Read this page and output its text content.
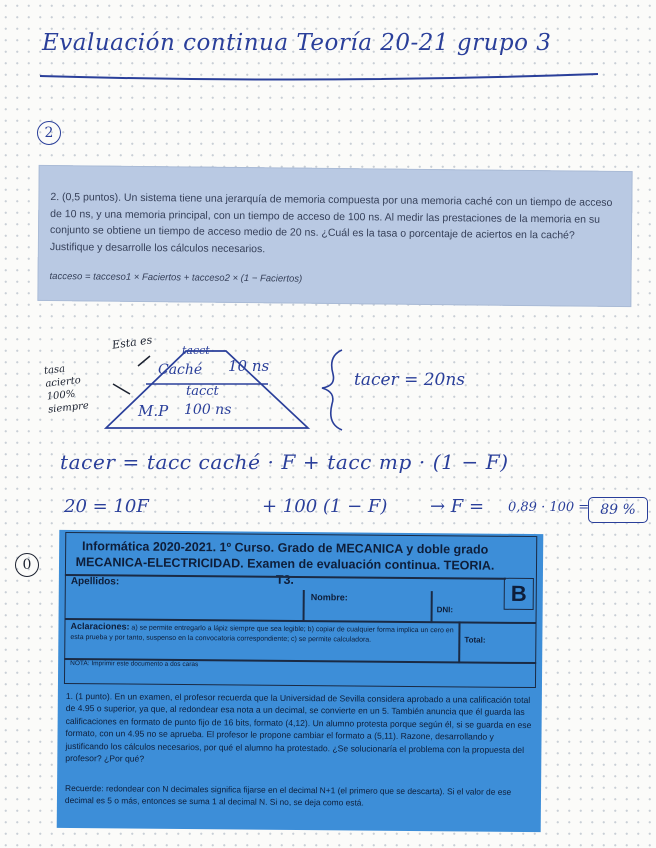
Evaluación continua Teoría 20-21 grupo 3
2

2. (0,5 puntos). Un sistema tiene una jerarquía de memoria compuesta por una memoria caché con un tiempo de acceso de 10 ns, y una memoria principal, con un tiempo de acceso de 100 ns. Al medir las prestaciones de la memoria en su conjunto se obtiene un tiempo de acceso medio de 20 ns. ¿Cuál es la tasa o porcentaje de aciertos en la caché? Justifique y desarrolle los cálculos necesarios.

tacceso = tacceso1 × Faciertos + tacceso2 × (1 − Faciertos)

Esta es
tasa acierto 100% siempre
tacct
Caché 10 ns
tacct
M.P 100 ns
tacer = 20ns
tacer = tacc caché · F + tacc mp · (1 − F)
20 = 10F	+ 100 (1 − F) → F = 0,89 · 100 = 89 %
0
Informática 2020-2021. 1º Curso. Grado de MECANICA y doble grado MECANICA-ELECTRICIDAD. Examen de evaluación continua. TEORIA. T3.
B
Apellidos:
Nombre:
DNI:
Aclaraciones: a) se permite entregarlo a lápiz siempre que sea legible; b) copiar de cualquier forma implica un cero en esta prueba y por tanto, suspenso en la convocatoria correspondiente; c) se permite calculadora.	Total:
NOTA: Imprimir este documento a dos caras
1. (1 punto). En un examen, el profesor recuerda que la Universidad de Sevilla considera aprobado a una calificación total de 4.95 o superior, ya que, al redondear esa nota a un decimal, se convierte en un 5. También anuncia que él guarda las calificaciones en formato de punto fijo de 16 bits, formato (4,12). Un alumno protesta porque según él, si se guarda en ese formato, con un 4.95 no se aprueba. El profesor le propone cambiar el formato a (5,11). Razone, desarrollando y justificando los cálculos necesarios, por qué el alumno ha protestado. ¿Se solucionaría el problema con la propuesta del profesor? ¿Por qué?
Recuerde: redondear con N decimales significa fijarse en el decimal N+1 (el primero que se descarta). Si el valor de ese decimal es 5 o más, entonces se suma 1 al decimal N. Si no, se deja como está.
